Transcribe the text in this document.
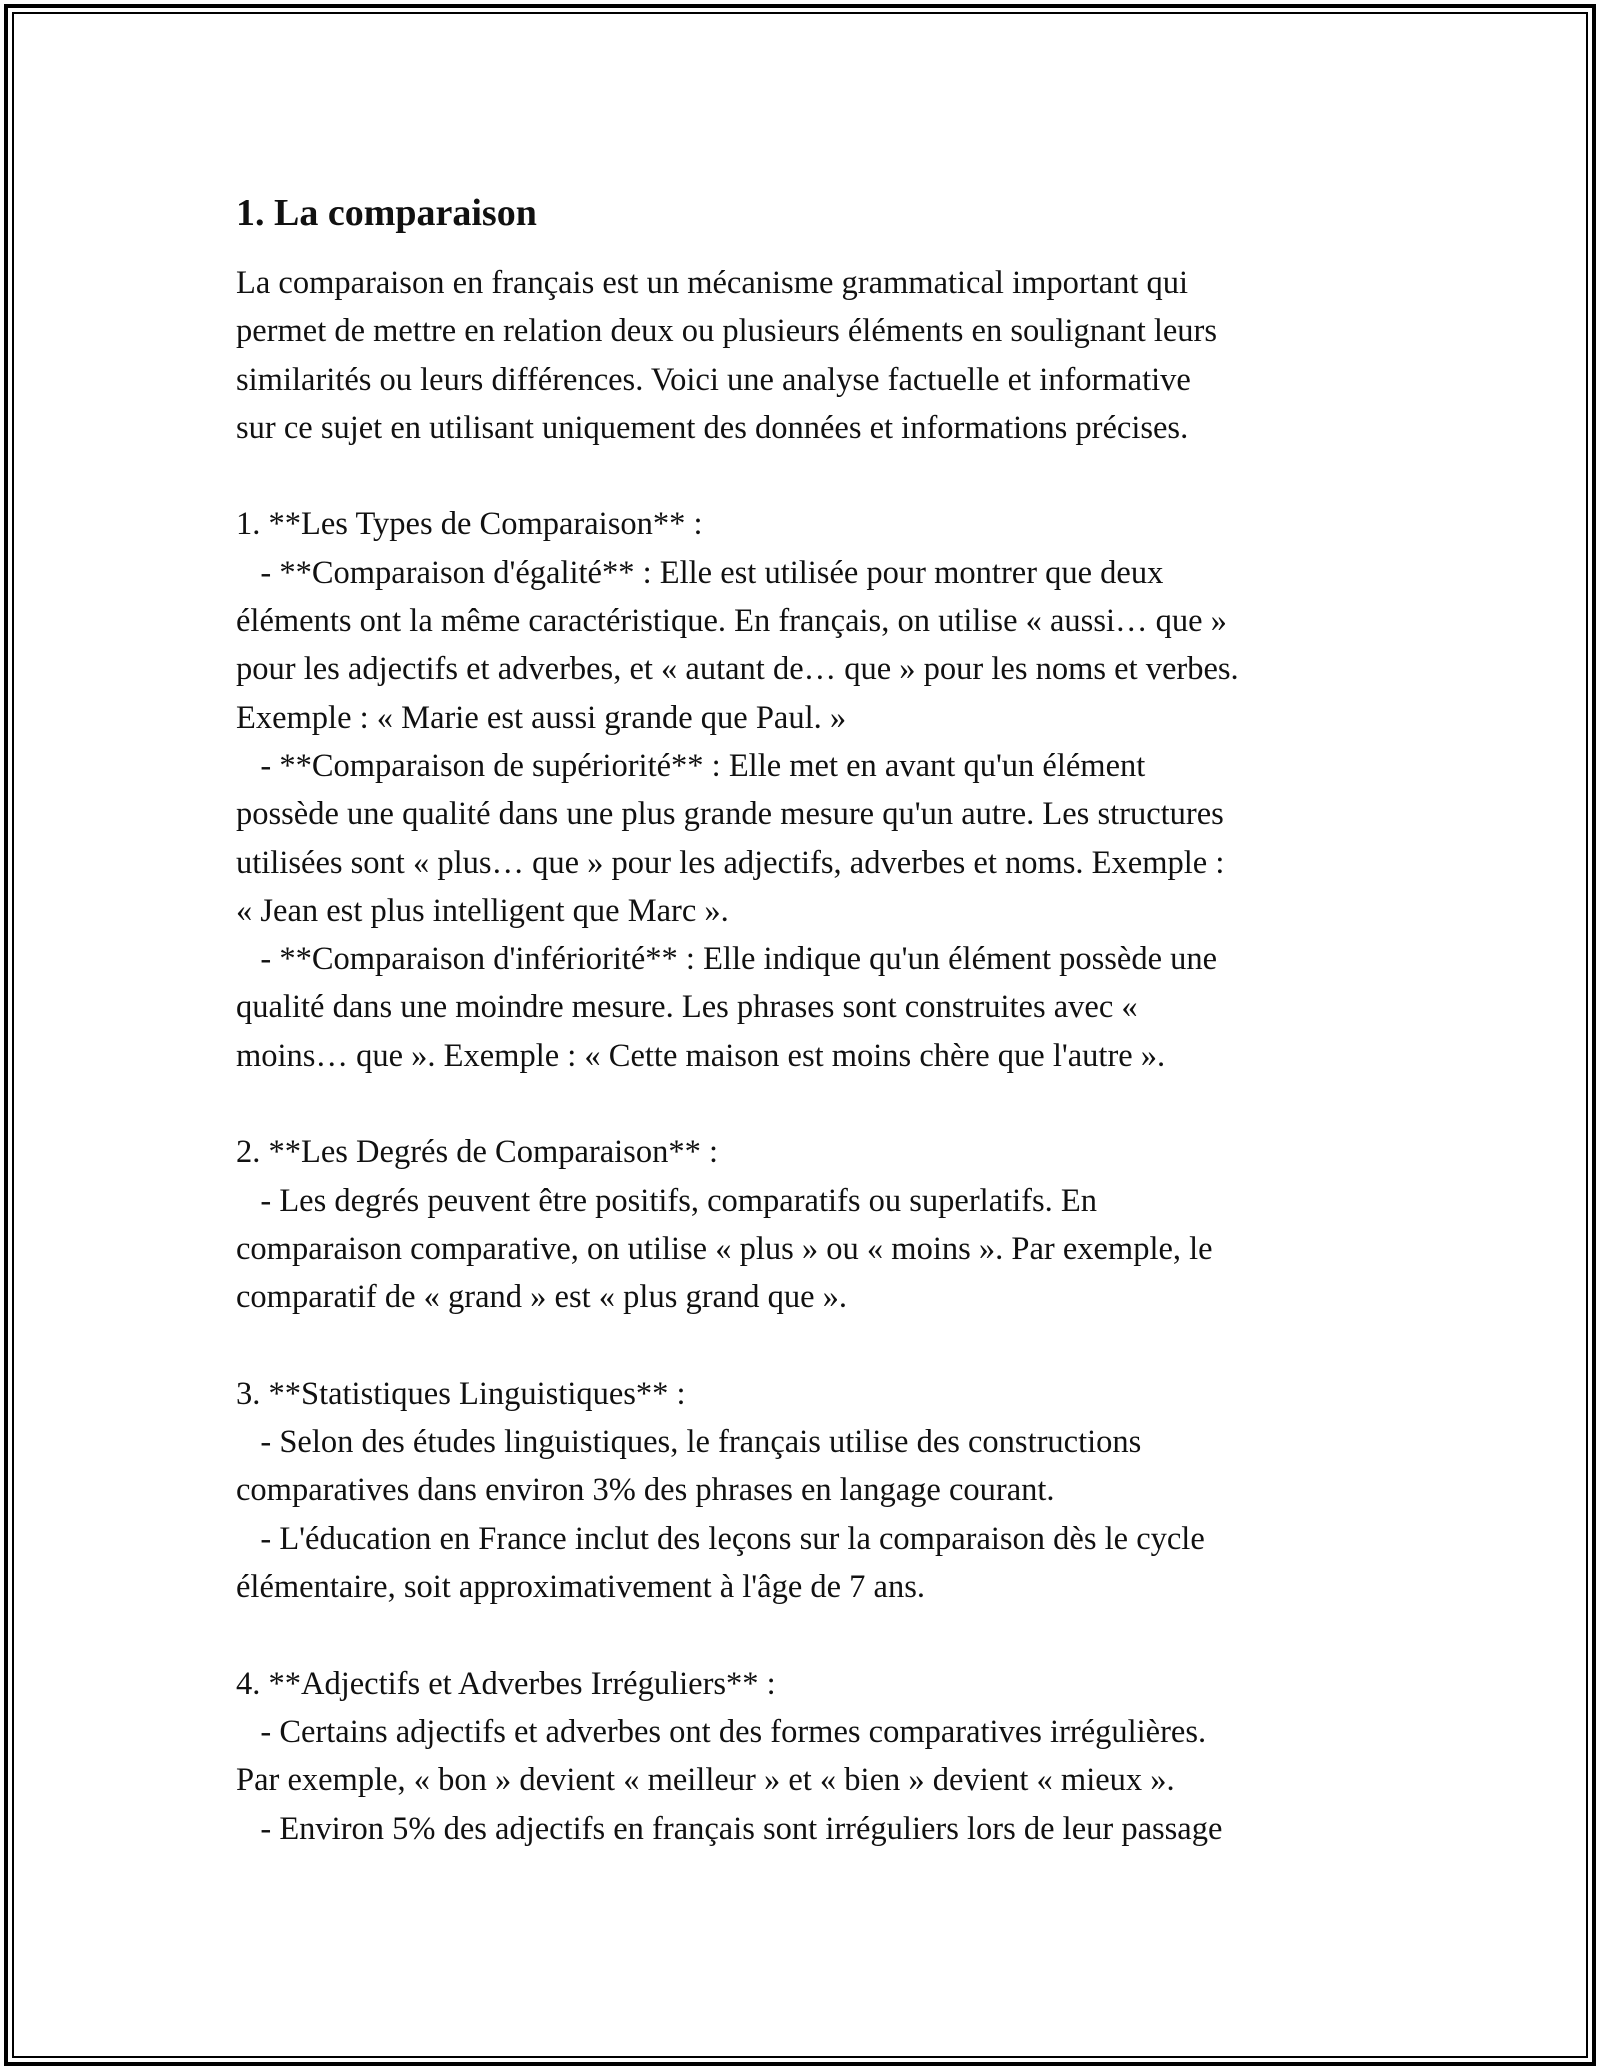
1. La comparaison

La comparaison en français est un mécanisme grammatical important qui
permet de mettre en relation deux ou plusieurs éléments en soulignant leurs
similarités ou leurs différences. Voici une analyse factuelle et informative
sur ce sujet en utilisant uniquement des données et informations précises.

1. **Les Types de Comparaison** :
- **Comparaison d'égalité** : Elle est utilisée pour montrer que deux
éléments ont la même caractéristique. En français, on utilise « aussi… que »
pour les adjectifs et adverbes, et « autant de… que » pour les noms et verbes.
Exemple : « Marie est aussi grande que Paul. »
- **Comparaison de supériorité** : Elle met en avant qu'un élément
possède une qualité dans une plus grande mesure qu'un autre. Les structures
utilisées sont « plus… que » pour les adjectifs, adverbes et noms. Exemple :
« Jean est plus intelligent que Marc ».
- **Comparaison d'infériorité** : Elle indique qu'un élément possède une
qualité dans une moindre mesure. Les phrases sont construites avec «
moins… que ». Exemple : « Cette maison est moins chère que l'autre ».

2. **Les Degrés de Comparaison** :
- Les degrés peuvent être positifs, comparatifs ou superlatifs. En
comparaison comparative, on utilise « plus » ou « moins ». Par exemple, le
comparatif de « grand » est « plus grand que ».

3. **Statistiques Linguistiques** :
- Selon des études linguistiques, le français utilise des constructions
comparatives dans environ 3% des phrases en langage courant.
- L'éducation en France inclut des leçons sur la comparaison dès le cycle
élémentaire, soit approximativement à l'âge de 7 ans.

4. **Adjectifs et Adverbes Irréguliers** :
- Certains adjectifs et adverbes ont des formes comparatives irrégulières.
Par exemple, « bon » devient « meilleur » et « bien » devient « mieux ».
- Environ 5% des adjectifs en français sont irréguliers lors de leur passage
